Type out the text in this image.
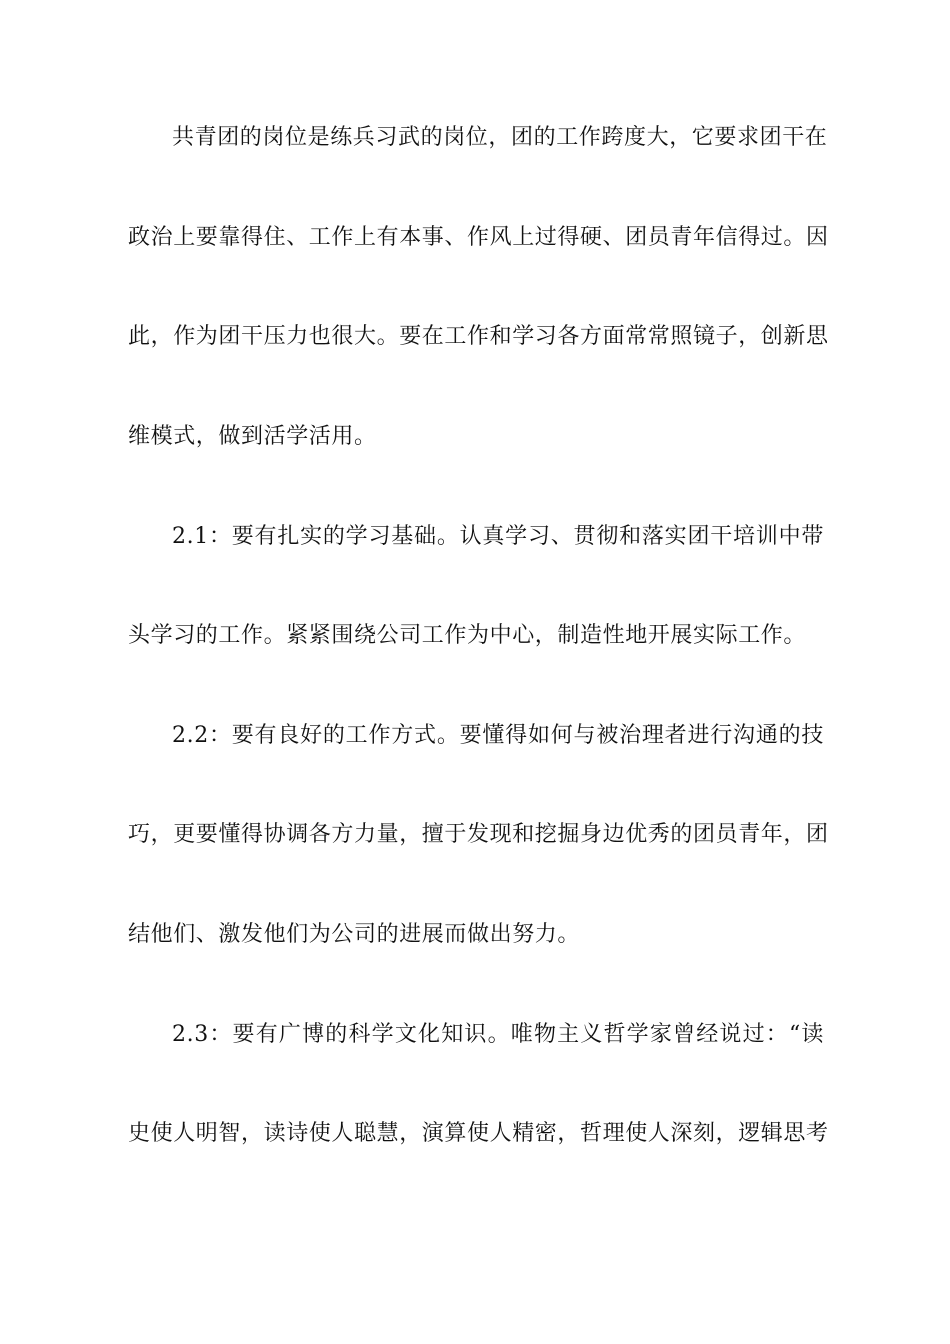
共青团的岗位是练兵习武的岗位，团的工作跨度大，它要求团干在
政治上要靠得住、工作上有本事、作风上过得硬、团员青年信得过。因
此，作为团干压力也很大。要在工作和学习各方面常常照镜子，创新思
维模式，做到活学活用。
2.1：要有扎实的学习基础。认真学习、贯彻和落实团干培训中带
头学习的工作。紧紧围绕公司工作为中心，制造性地开展实际工作。
2.2：要有良好的工作方式。要懂得如何与被治理者进行沟通的技
巧，更要懂得协调各方力量，擅于发现和挖掘身边优秀的团员青年，团
结他们、激发他们为公司的进展而做出努力。
2.3：要有广博的科学文化知识。唯物主义哲学家曾经说过：“读
史使人明智，读诗使人聪慧，演算使人精密，哲理使人深刻，逻辑思考
